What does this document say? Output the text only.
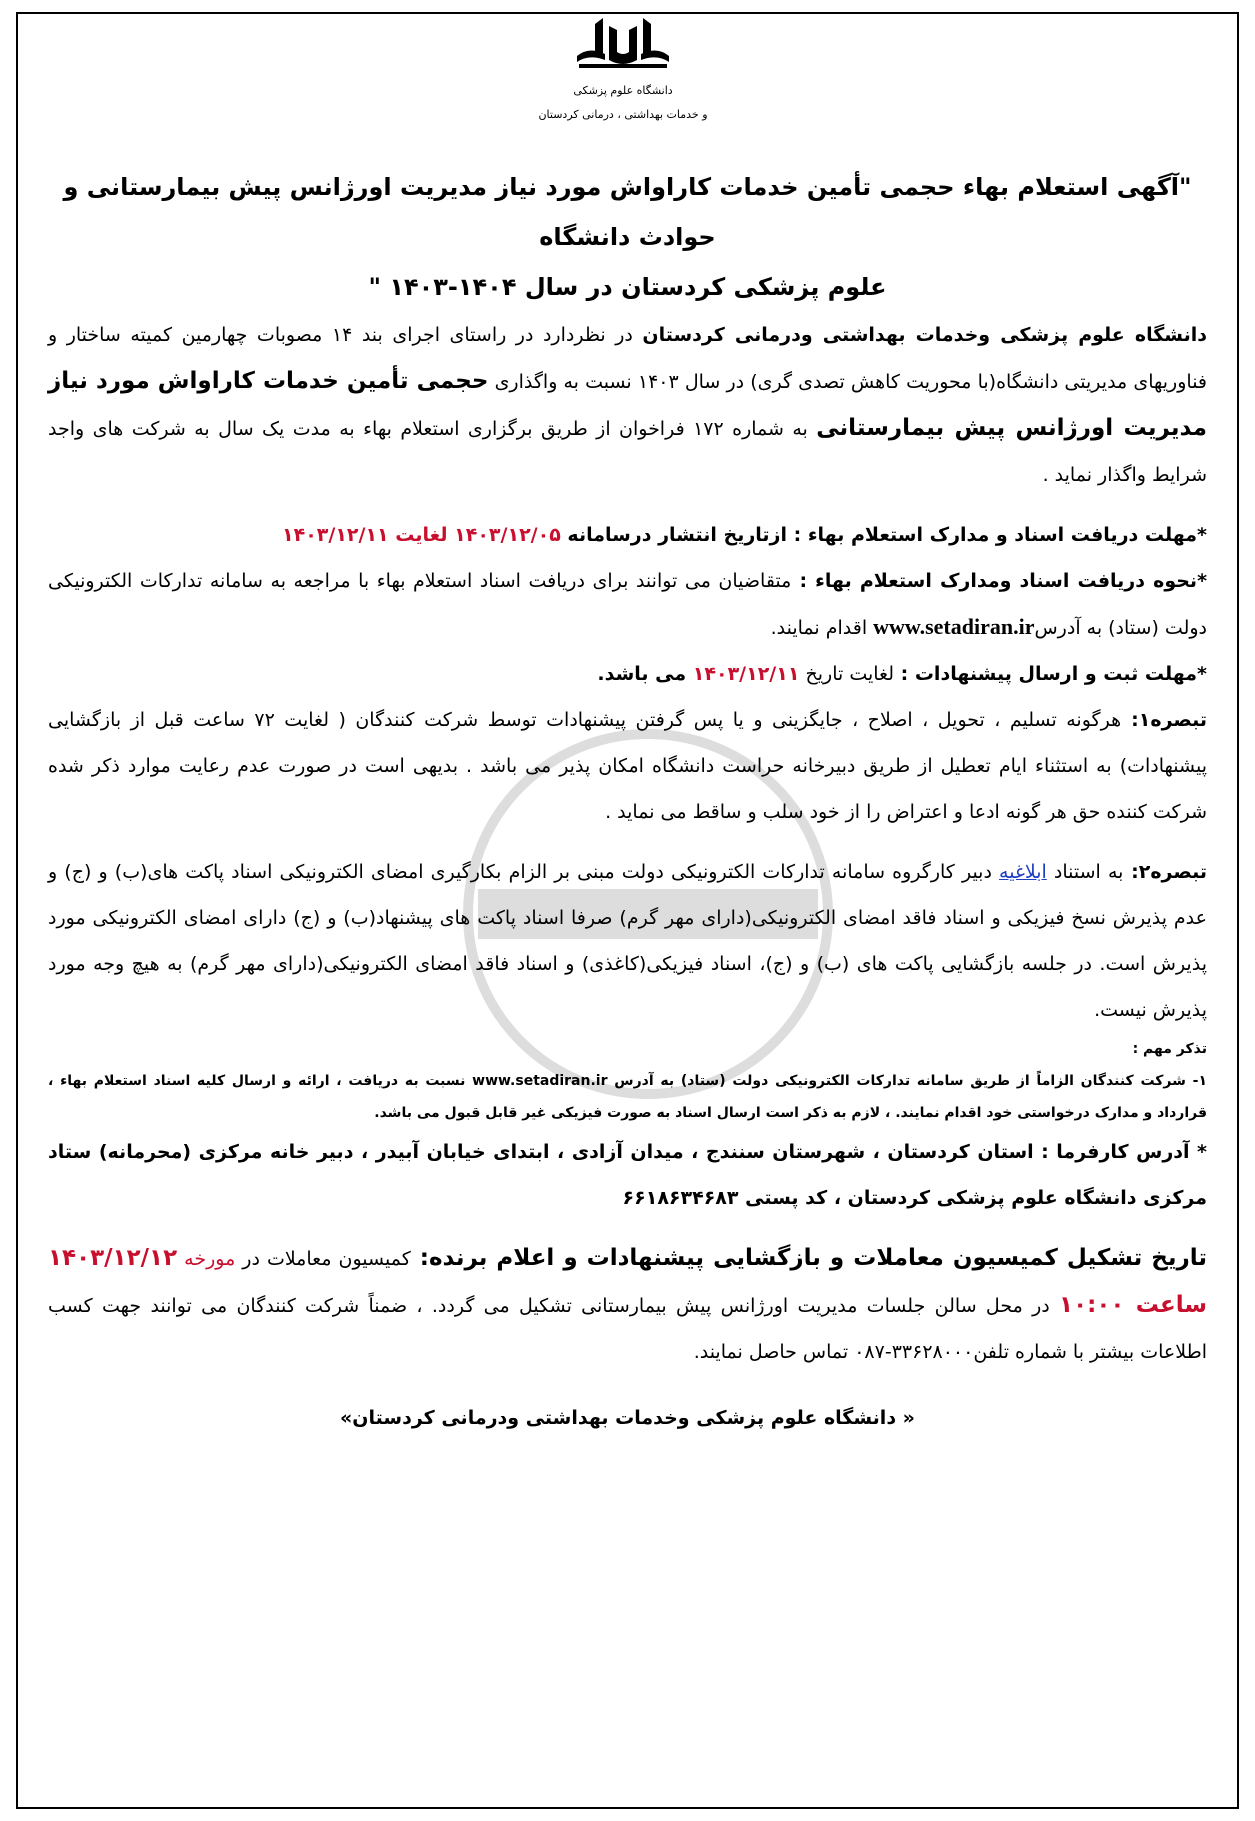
دانشگاه علوم پزشکی
و خدمات بهداشتی ، درمانی کردستان
"آگهی استعلام بهاء حجمی تأمین خدمات کاراواش مورد نیاز مدیریت اورژانس پیش بیمارستانی و حوادث دانشگاه
علوم پزشکی کردستان در سال ۱۴۰۴-۱۴۰۳ "

دانشگاه علوم پزشکی وخدمات بهداشتی ودرمانی کردستان در نظردارد در راستای اجرای بند ۱۴ مصوبات چهارمین کمیته ساختار و فناوریهای مدیریتی دانشگاه(با محوریت کاهش تصدی گری) در سال ۱۴۰۳ نسبت به واگذاری حجمی تأمین خدمات کاراواش مورد نیاز مدیریت اورژانس پیش بیمارستانی به شماره ۱۷۲ فراخوان از طریق برگزاری استعلام بهاء به مدت یک سال به شرکت های واجد شرایط واگذار نماید .

*مهلت دریافت اسناد و مدارک استعلام بهاء : ازتاریخ انتشار درسامانه ۱۴۰۳/۱۲/۰۵ لغایت ۱۴۰۳/۱۲/۱۱

*نحوه دریافت اسناد ومدارک استعلام بهاء : متقاضیان می توانند برای دریافت اسناد استعلام بهاء با مراجعه به سامانه تدارکات الکترونیکی دولت (ستاد) به آدرسwww.setadiran.ir اقدام نمایند.

*مهلت ثبت و ارسال پیشنهادات : لغایت تاریخ ۱۴۰۳/۱۲/۱۱ می باشد.

تبصره۱: هرگونه تسلیم ، تحویل ، اصلاح ، جایگزینی و یا پس گرفتن پیشنهادات توسط شرکت کنندگان ( لغایت ۷۲ ساعت قبل از بازگشایی پیشنهادات) به استثناء ایام تعطیل از طریق دبیرخانه حراست دانشگاه امکان پذیر می باشد . بدیهی است در صورت عدم رعایت موارد ذکر شده شرکت کننده حق هر گونه ادعا و اعتراض را از خود سلب و ساقط می نماید .

تبصره۲: به استناد ابلاغیه دبیر کارگروه سامانه تدارکات الکترونیکی دولت مبنی بر الزام بکارگیری امضای الکترونیکی اسناد پاکت های(ب) و (ج) و عدم پذیرش نسخ فیزیکی و اسناد فاقد امضای الکترونیکی(دارای مهر گرم) صرفا اسناد پاکت های پیشنهاد(ب) و (ج) دارای امضای الکترونیکی مورد پذیرش است. در جلسه بازگشایی پاکت های (ب) و (ج)، اسناد فیزیکی(کاغذی) و اسناد فاقد امضای الکترونیکی(دارای مهر گرم) به هیچ وجه مورد پذیرش نیست.

تذکر مهم :

۱- شرکت کنندگان الزاماً از طریق سامانه تدارکات الکترونیکی دولت (ستاد) به آدرس www.setadiran.ir نسبت به دریافت ، ارائه و ارسال کلیه اسناد استعلام بهاء ، قرارداد و مدارک درخواستی خود اقدام نمایند. ، لازم به ذکر است ارسال اسناد به صورت فیزیکی غیر قابل قبول می باشد.

* آدرس کارفرما : استان کردستان ، شهرستان سنندج ، میدان آزادی ، ابتدای خیابان آبیدر ، دبیر خانه مرکزی (محرمانه) ستاد مرکزی دانشگاه علوم پزشکی کردستان ، کد پستی ۶۶۱۸۶۳۴۶۸۳

تاریخ تشکیل کمیسیون معاملات و بازگشایی پیشنهادات و اعلام برنده: کمیسیون معاملات در مورخه ۱۴۰۳/۱۲/۱۲ ساعت ۱۰:۰۰ در محل سالن جلسات مدیریت اورژانس پیش بیمارستانی تشکیل می گردد. ، ضمناً شرکت کنندگان می توانند جهت کسب اطلاعات بیشتر با شماره تلفن۳۳۶۲۸۰۰۰-۰۸۷ تماس حاصل نمایند.

« دانشگاه علوم پزشکی وخدمات بهداشتی ودرمانی کردستان»
